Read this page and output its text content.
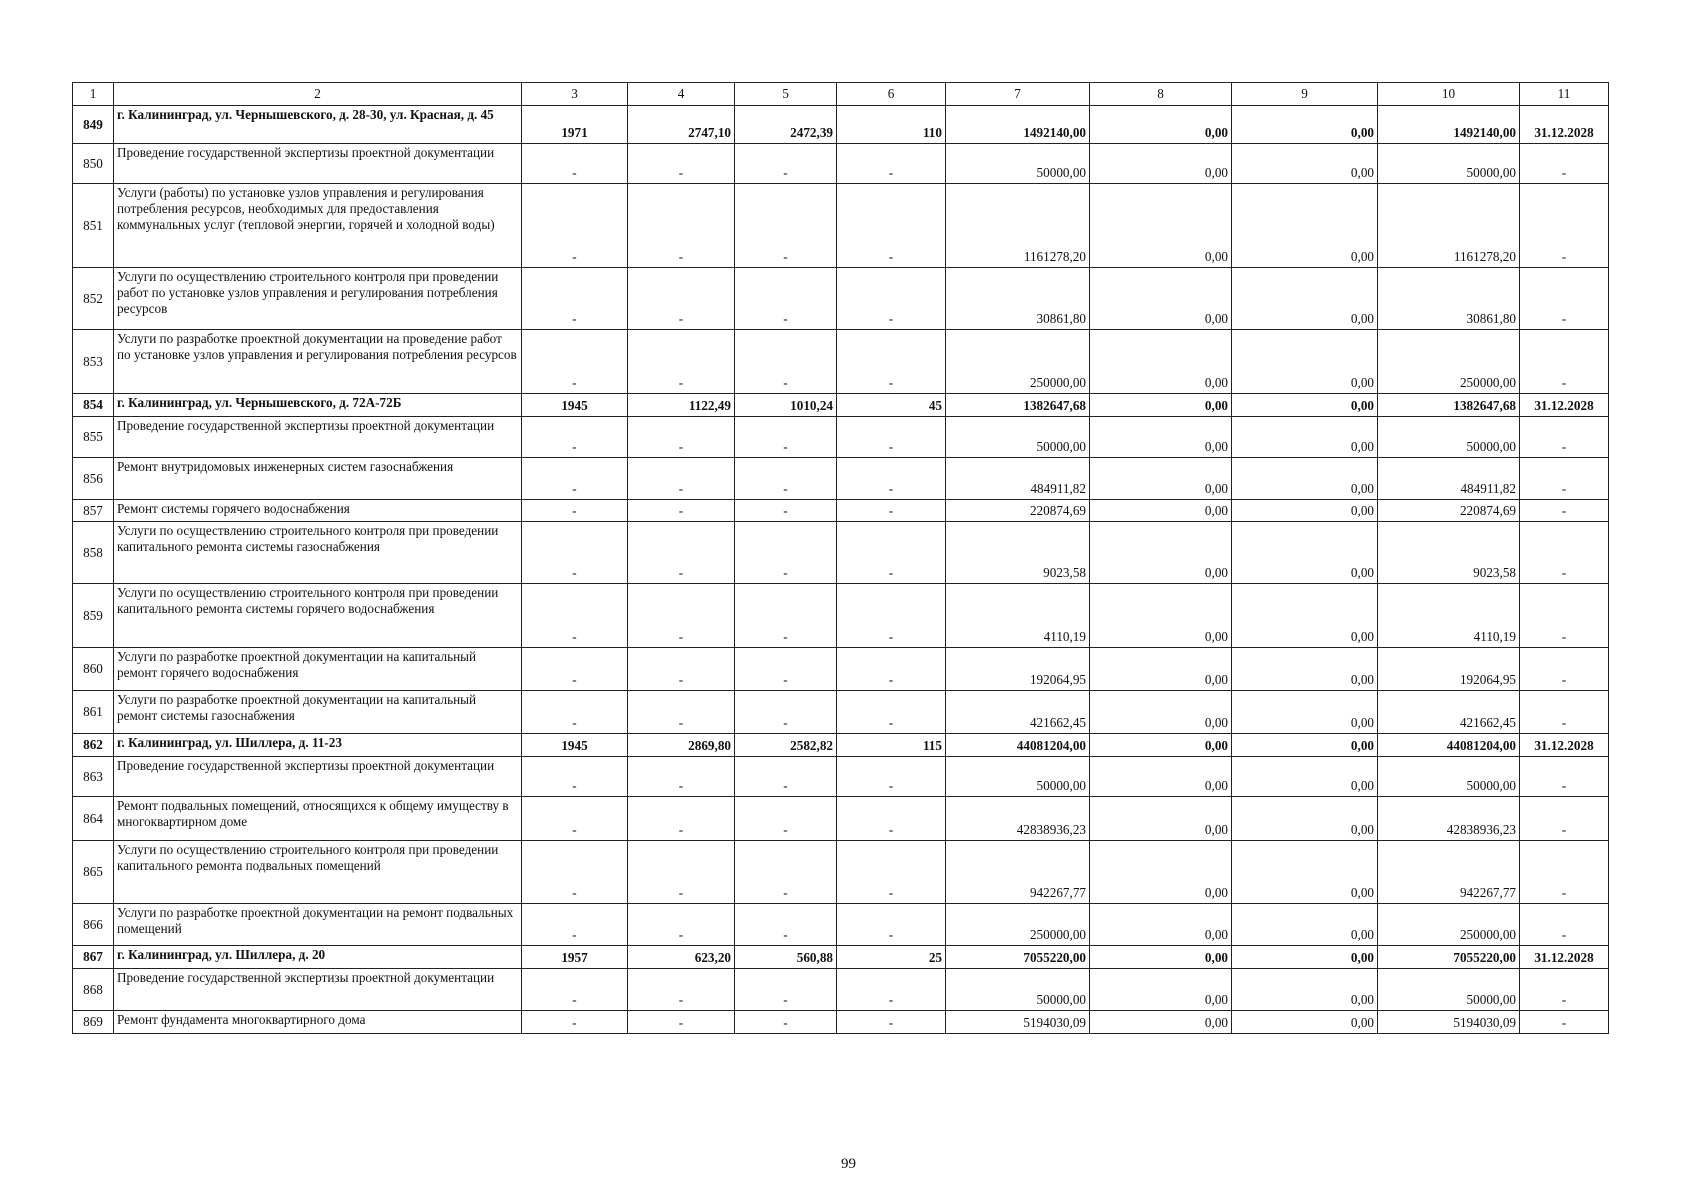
1	2	3	4	5	6	7	8	9	10	11
849	г. Калининград, ул. Чернышевского, д. 28-30, ул. Красная, д. 45	1971	2747,10	2472,39	110	1492140,00	0,00	0,00	1492140,00	31.12.2028
850	Проведение государственной экспертизы проектной документации	-	-	-	-	50000,00	0,00	0,00	50000,00	-
851	Услуги (работы) по установке узлов управления и регулирования потребления ресурсов, необходимых для предоставления коммунальных услуг (тепловой энергии, горячей и холодной воды)	-	-	-	-	1161278,20	0,00	0,00	1161278,20	-
852	Услуги по осуществлению строительного контроля при проведении работ по установке узлов управления и регулирования потребления ресурсов	-	-	-	-	30861,80	0,00	0,00	30861,80	-
853	Услуги по разработке проектной документации на проведение работ по установке узлов управления и регулирования потребления ресурсов	-	-	-	-	250000,00	0,00	0,00	250000,00	-
854	г. Калининград, ул. Чернышевского, д. 72А-72Б	1945	1122,49	1010,24	45	1382647,68	0,00	0,00	1382647,68	31.12.2028
855	Проведение государственной экспертизы проектной документации	-	-	-	-	50000,00	0,00	0,00	50000,00	-
856	Ремонт внутридомовых инженерных систем газоснабжения	-	-	-	-	484911,82	0,00	0,00	484911,82	-
857	Ремонт системы горячего водоснабжения	-	-	-	-	220874,69	0,00	0,00	220874,69	-
858	Услуги по осуществлению строительного контроля при проведении капитального ремонта системы газоснабжения	-	-	-	-	9023,58	0,00	0,00	9023,58	-
859	Услуги по осуществлению строительного контроля при проведении капитального ремонта системы горячего водоснабжения	-	-	-	-	4110,19	0,00	0,00	4110,19	-
860	Услуги по разработке проектной документации на капитальный ремонт горячего водоснабжения	-	-	-	-	192064,95	0,00	0,00	192064,95	-
861	Услуги по разработке проектной документации на капитальный ремонт системы газоснабжения	-	-	-	-	421662,45	0,00	0,00	421662,45	-
862	г. Калининград, ул. Шиллера, д. 11-23	1945	2869,80	2582,82	115	44081204,00	0,00	0,00	44081204,00	31.12.2028
863	Проведение государственной экспертизы проектной документации	-	-	-	-	50000,00	0,00	0,00	50000,00	-
864	Ремонт подвальных помещений, относящихся к общему имуществу в многоквартирном доме	-	-	-	-	42838936,23	0,00	0,00	42838936,23	-
865	Услуги по осуществлению строительного контроля при проведении капитального ремонта подвальных помещений	-	-	-	-	942267,77	0,00	0,00	942267,77	-
866	Услуги по разработке проектной документации на ремонт подвальных помещений	-	-	-	-	250000,00	0,00	0,00	250000,00	-
867	г. Калининград, ул. Шиллера, д. 20	1957	623,20	560,88	25	7055220,00	0,00	0,00	7055220,00	31.12.2028
868	Проведение государственной экспертизы проектной документации	-	-	-	-	50000,00	0,00	0,00	50000,00	-
869	Ремонт фундамента многоквартирного дома	-	-	-	-	5194030,09	0,00	0,00	5194030,09	-
99
